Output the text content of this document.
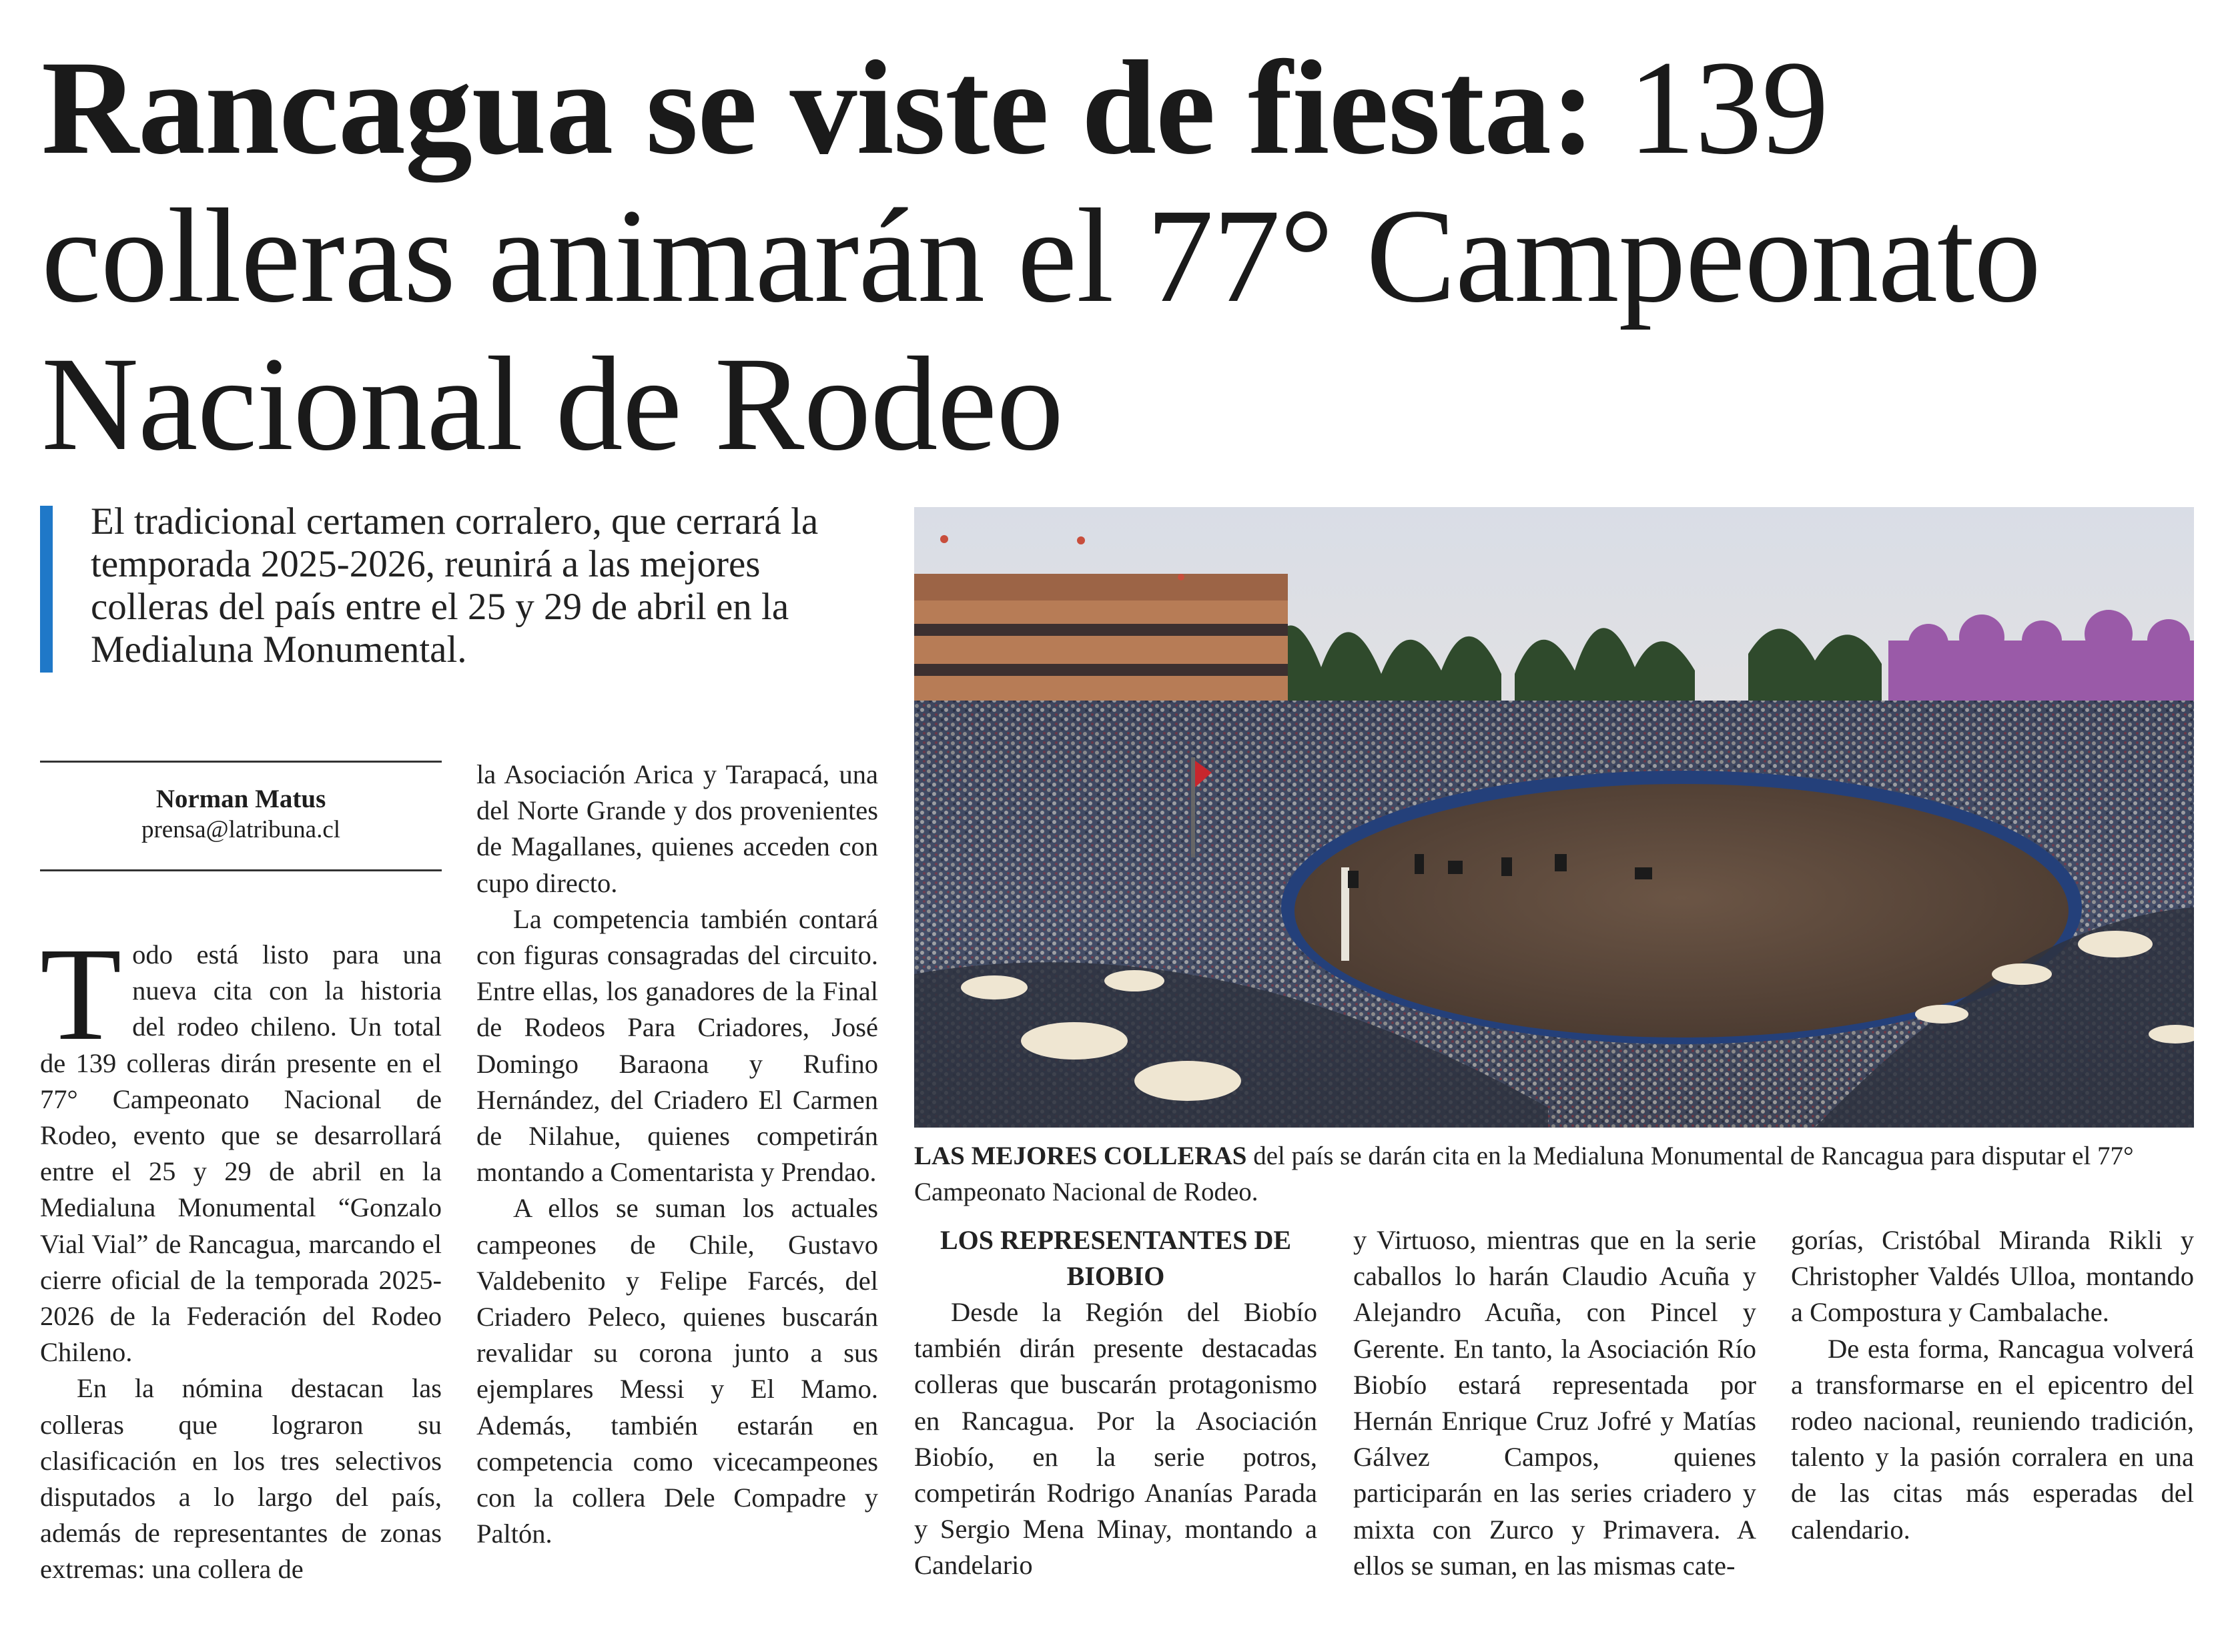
Rancagua se viste de fiesta: 139 colleras animarán el 77° Campeonato Nacional de Rodeo

El tradicional certamen corralero, que cerrará la temporada 2025-2026, reunirá a las mejores colleras del país entre el 25 y 29 de abril en la Medialuna Monumental.

Norman Matus
prensa@latribuna.cl

Todo está listo para una nueva cita con la historia del rodeo chileno. Un total de 139 colleras dirán presente en el 77° Campeonato Nacional de Rodeo, evento que se desarrollará entre el 25 y 29 de abril en la Medialuna Monumental “Gonzalo Vial Vial” de Rancagua, marcando el cierre oficial de la temporada 2025-2026 de la Federación del Rodeo Chileno.

En la nómina destacan las colleras que lograron su clasificación en los tres selectivos disputados a lo largo del país, además de representantes de zonas extremas: una collera de

la Asociación Arica y Tarapacá, una del Norte Grande y dos provenientes de Magallanes, quienes acceden con cupo directo.

La competencia también contará con figuras consagradas del circuito. Entre ellas, los ganadores de la Final de Rodeos Para Criadores, José Domingo Baraona y Rufino Hernández, del Criadero El Carmen de Nilahue, quienes competirán montando a Comentarista y Prendao.

A ellos se suman los actuales campeones de Chile, Gustavo Valdebenito y Felipe Farcés, del Criadero Peleco, quienes buscarán revalidar su corona junto a sus ejemplares Messi y El Mamo. Además, también estarán en competencia como vicecampeones con la collera Dele Compadre y Paltón.

LAS MEJORES COLLERAS del país se darán cita en la Medialuna Monumental de Rancagua para disputar el 77° Campeonato Nacional de Rodeo.

LOS REPRESENTANTES DE BIOBIO

Desde la Región del Biobío también dirán presente destacadas colleras que buscarán protagonismo en Rancagua. Por la Asociación Biobío, en la serie potros, competirán Rodrigo Ananías Parada y Sergio Mena Minay, montando a Candelario

y Virtuoso, mientras que en la serie caballos lo harán Claudio Acuña y Alejandro Acuña, con Pincel y Gerente. En tanto, la Asociación Río Biobío estará representada por Hernán Enrique Cruz Jofré y Matías Gálvez Campos, quienes participarán en las series criadero y mixta con Zurco y Primavera. A ellos se suman, en las mismas cate-

gorías, Cristóbal Miranda Rikli y Christopher Valdés Ulloa, montando a Compostura y Cambalache.

De esta forma, Rancagua volverá a transformarse en el epicentro del rodeo nacional, reuniendo tradición, talento y la pasión corralera en una de las citas más esperadas del calendario.
